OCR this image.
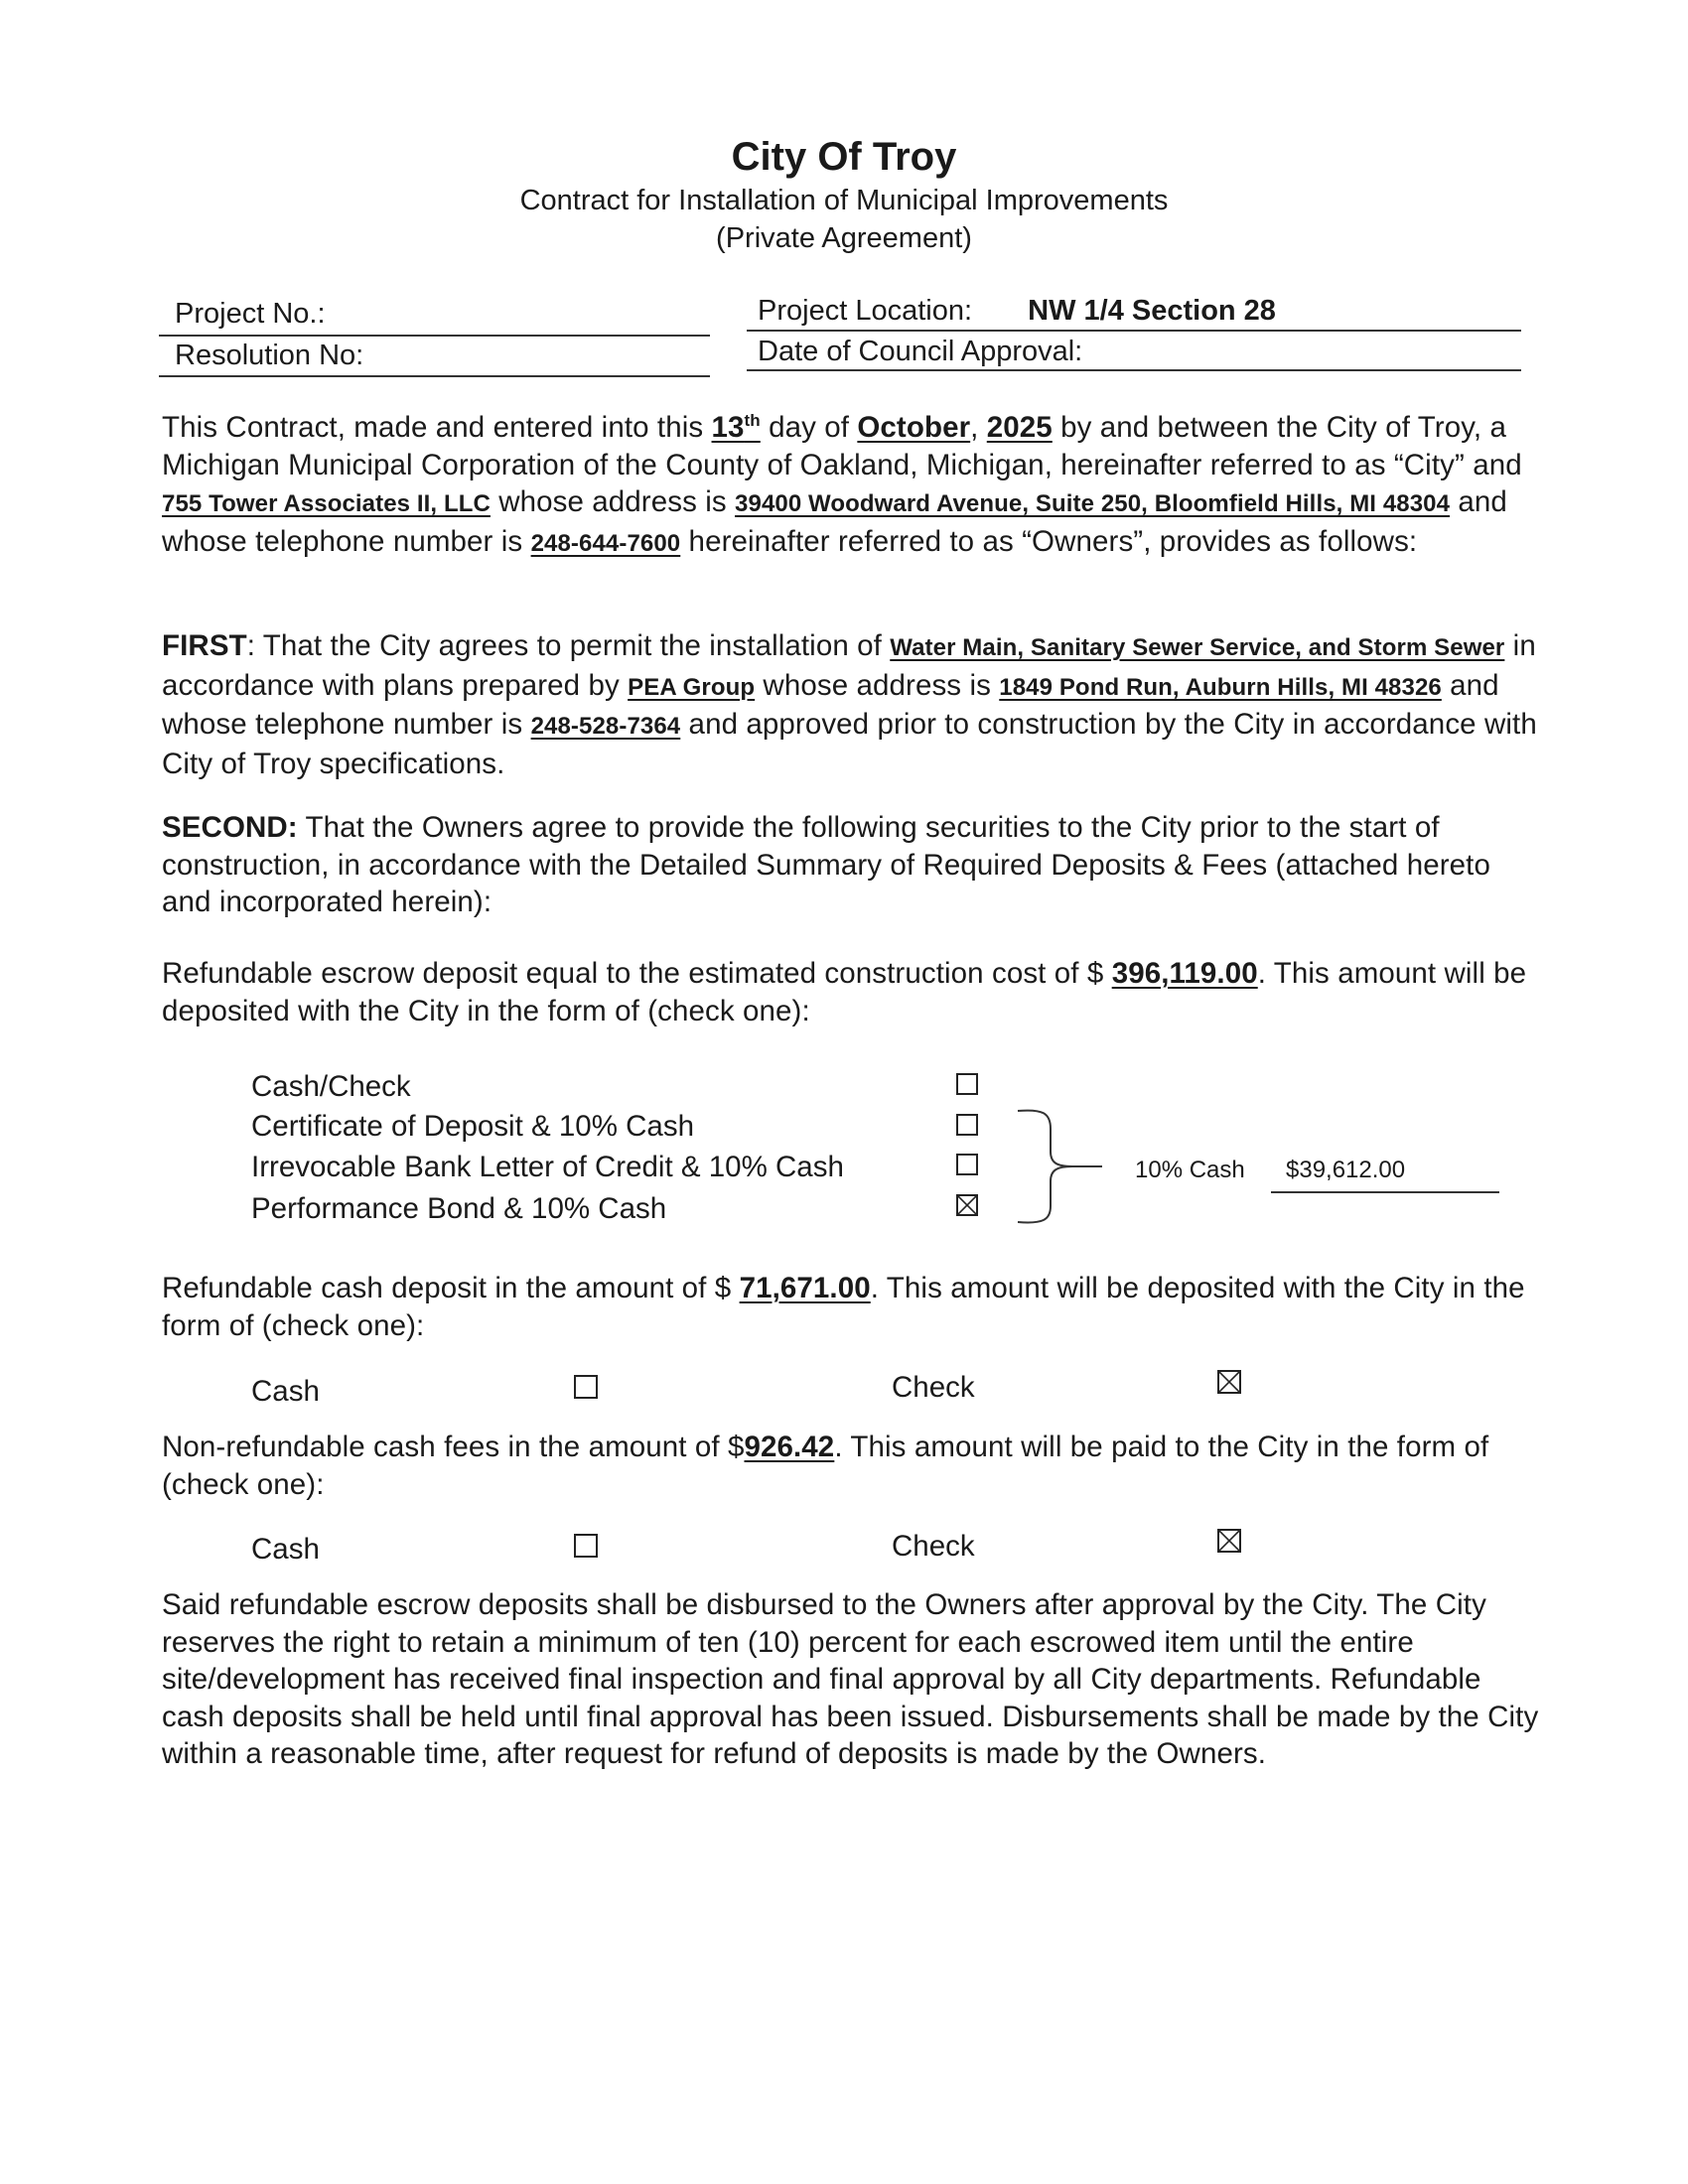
City Of Troy
Contract for Installation of Municipal Improvements
(Private Agreement)
Project No.:
Resolution No:
Project Location: NW 1/4 Section 28
Date of Council Approval:
This Contract, made and entered into this 13th day of October, 2025 by and between the City of Troy, a Michigan Municipal Corporation of the County of Oakland, Michigan, hereinafter referred to as “City” and 755 Tower Associates II, LLC whose address is 39400 Woodward Avenue, Suite 250, Bloomfield Hills, MI 48304 and whose telephone number is 248-644-7600 hereinafter referred to as “Owners”, provides as follows:
FIRST: That the City agrees to permit the installation of Water Main, Sanitary Sewer Service, and Storm Sewer in accordance with plans prepared by PEA Group whose address is 1849 Pond Run, Auburn Hills, MI 48326 and whose telephone number is 248-528-7364 and approved prior to construction by the City in accordance with City of Troy specifications.
SECOND: That the Owners agree to provide the following securities to the City prior to the start of construction, in accordance with the Detailed Summary of Required Deposits & Fees (attached hereto and incorporated herein):
Refundable escrow deposit equal to the estimated construction cost of $ 396,119.00. This amount will be deposited with the City in the form of (check one):
Cash/Check
Certificate of Deposit & 10% Cash
Irrevocable Bank Letter of Credit & 10% Cash
Performance Bond & 10% Cash
10% Cash $39,612.00
Refundable cash deposit in the amount of $ 71,671.00. This amount will be deposited with the City in the form of (check one):
Cash	Check
Non-refundable cash fees in the amount of $926.42. This amount will be paid to the City in the form of (check one):
Cash	Check
Said refundable escrow deposits shall be disbursed to the Owners after approval by the City. The City reserves the right to retain a minimum of ten (10) percent for each escrowed item until the entire site/development has received final inspection and final approval by all City departments. Refundable cash deposits shall be held until final approval has been issued. Disbursements shall be made by the City within a reasonable time, after request for refund of deposits is made by the Owners.
